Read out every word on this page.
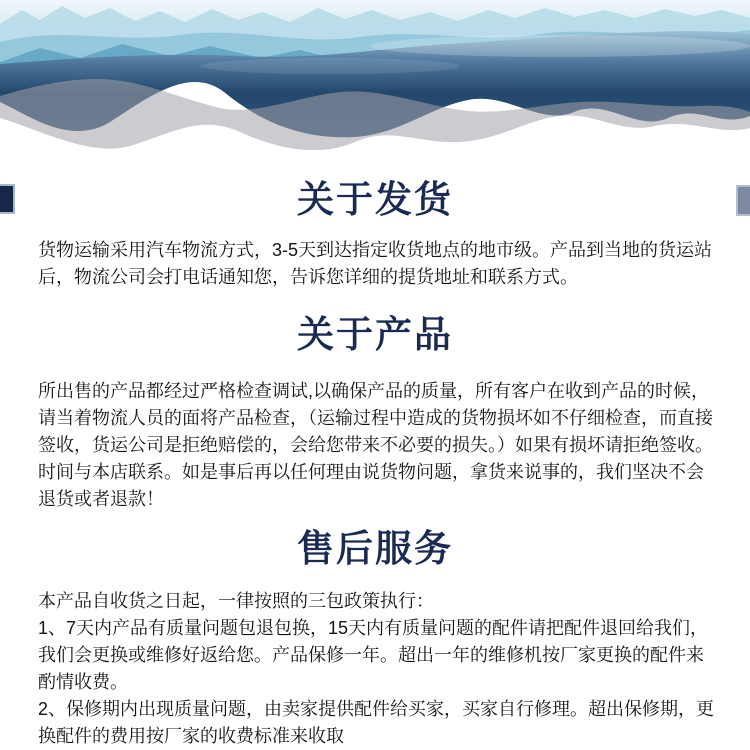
关于发货

货物运输采用汽车物流方式，3-5天到达指定收货地点的地市级。产品到当地的货运站后，物流公司会打电话通知您，告诉您详细的提货地址和联系方式。

关于产品

所出售的产品都经过严格检查调试,以确保产品的质量，所有客户在收到产品的时候，请当着物流人员的面将产品检查，（运输过程中造成的货物损坏如不仔细检查，而直接签收，货运公司是拒绝赔偿的，会给您带来不必要的损失。）如果有损坏请拒绝签收。时间与本店联系。如是事后再以任何理由说货物问题，拿货来说事的，我们坚决不会退货或者退款！

售后服务

本产品自收货之日起，一律按照的三包政策执行：

1、7天内产品有质量问题包退包换，15天内有质量问题的配件请把配件退回给我们，我们会更换或维修好返给您。产品保修一年。超出一年的维修机按厂家更换的配件来酌情收费。

2、保修期内出现质量问题，由卖家提供配件给买家，买家自行修理。超出保修期，更换配件的费用按厂家的收费标准来收取
